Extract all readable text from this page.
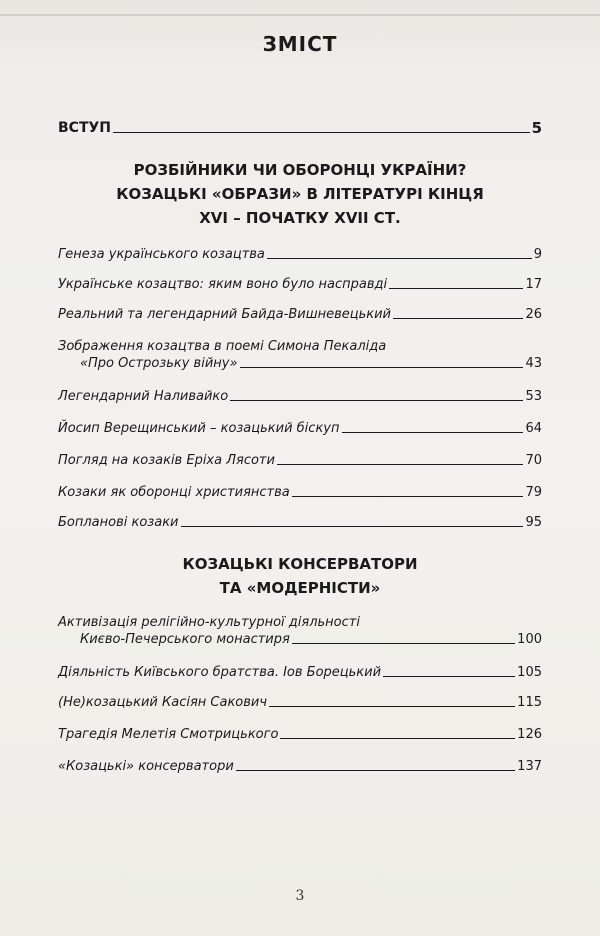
ЗМІСТ
ВСТУП	5
РОЗБІЙНИКИ ЧИ ОБОРОНЦІ УКРАЇНИ?
КОЗАЦЬКІ «ОБРАЗИ» В ЛІТЕРАТУРІ КІНЦЯ
XVI – ПОЧАТКУ XVII СТ.
Генеза українського козацтва	9
Українське козацтво: яким воно було насправді	17
Реальний та легендарний Байда-Вишневецький	26
Зображення козацтва в поемі Симона Пекаліда
«Про Острозьку війну»	43
Легендарний Наливайко	53
Йосип Верещинський – козацький біскуп	64
Погляд на козаків Еріха Лясоти	70
Козаки як оборонці християнства	79
Бопланові козаки	95
КОЗАЦЬКІ КОНСЕРВАТОРИ
ТА «МОДЕРНІСТИ»
Активізація релігійно-культурної діяльності
Києво-Печерського монастиря	100
Діяльність Київського братства. Іов Борецький	105
(Не)козацький Касіян Сакович	115
Трагедія Мелетія Смотрицького	126
«Козацькі» консерватори	137
3
